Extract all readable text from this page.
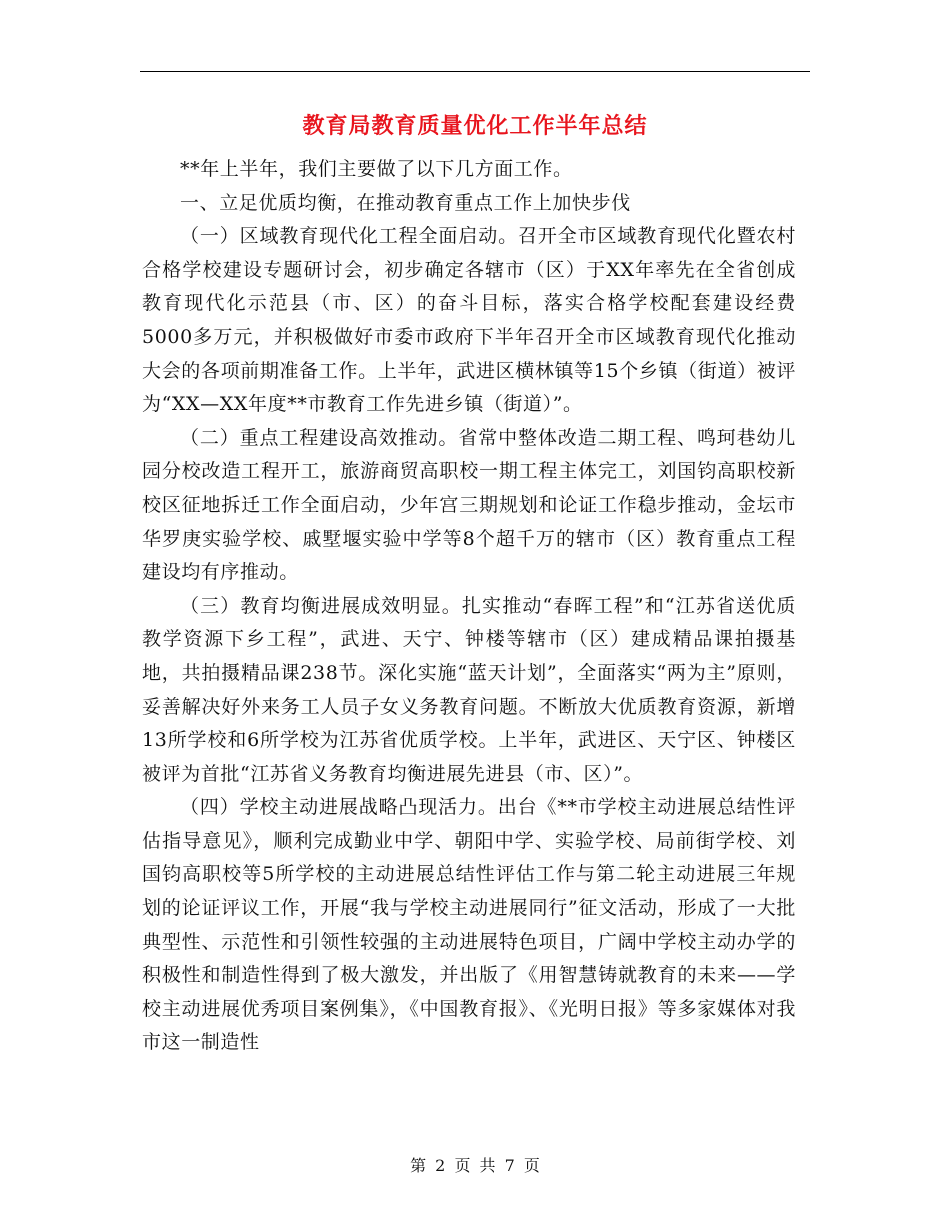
教育局教育质量优化工作半年总结

**年上半年，我们主要做了以下几方面工作。

一、立足优质均衡，在推动教育重点工作上加快步伐

（一）区域教育现代化工程全面启动。召开全市区域教育现代化暨农村合格学校建设专题研讨会，初步确定各辖市（区）于XX年率先在全省创成教育现代化示范县（市、区）的奋斗目标，落实合格学校配套建设经费5000多万元，并积极做好市委市政府下半年召开全市区域教育现代化推动大会的各项前期准备工作。上半年，武进区横林镇等15个乡镇（街道）被评为“XX—XX年度**市教育工作先进乡镇（街道）”。

（二）重点工程建设高效推动。省常中整体改造二期工程、鸣珂巷幼儿园分校改造工程开工，旅游商贸高职校一期工程主体完工，刘国钧高职校新校区征地拆迁工作全面启动，少年宫三期规划和论证工作稳步推动，金坛市华罗庚实验学校、戚墅堰实验中学等8个超千万的辖市（区）教育重点工程建设均有序推动。

（三）教育均衡进展成效明显。扎实推动“春晖工程”和“江苏省送优质教学资源下乡工程”，武进、天宁、钟楼等辖市（区）建成精品课拍摄基地，共拍摄精品课238节。深化实施“蓝天计划”，全面落实“两为主”原则，妥善解决好外来务工人员子女义务教育问题。不断放大优质教育资源，新增13所学校和6所学校为江苏省优质学校。上半年，武进区、天宁区、钟楼区被评为首批“江苏省义务教育均衡进展先进县（市、区）”。

（四）学校主动进展战略凸现活力。出台《**市学校主动进展总结性评估指导意见》，顺利完成勤业中学、朝阳中学、实验学校、局前街学校、刘国钧高职校等5所学校的主动进展总结性评估工作与第二轮主动进展三年规划的论证评议工作，开展“我与学校主动进展同行”征文活动，形成了一大批典型性、示范性和引领性较强的主动进展特色项目，广阔中学校主动办学的积极性和制造性得到了极大激发，并出版了《用智慧铸就教育的未来——学校主动进展优秀项目案例集》，《中国教育报》、《光明日报》等多家媒体对我市这一制造性

第 2 页 共 7 页
